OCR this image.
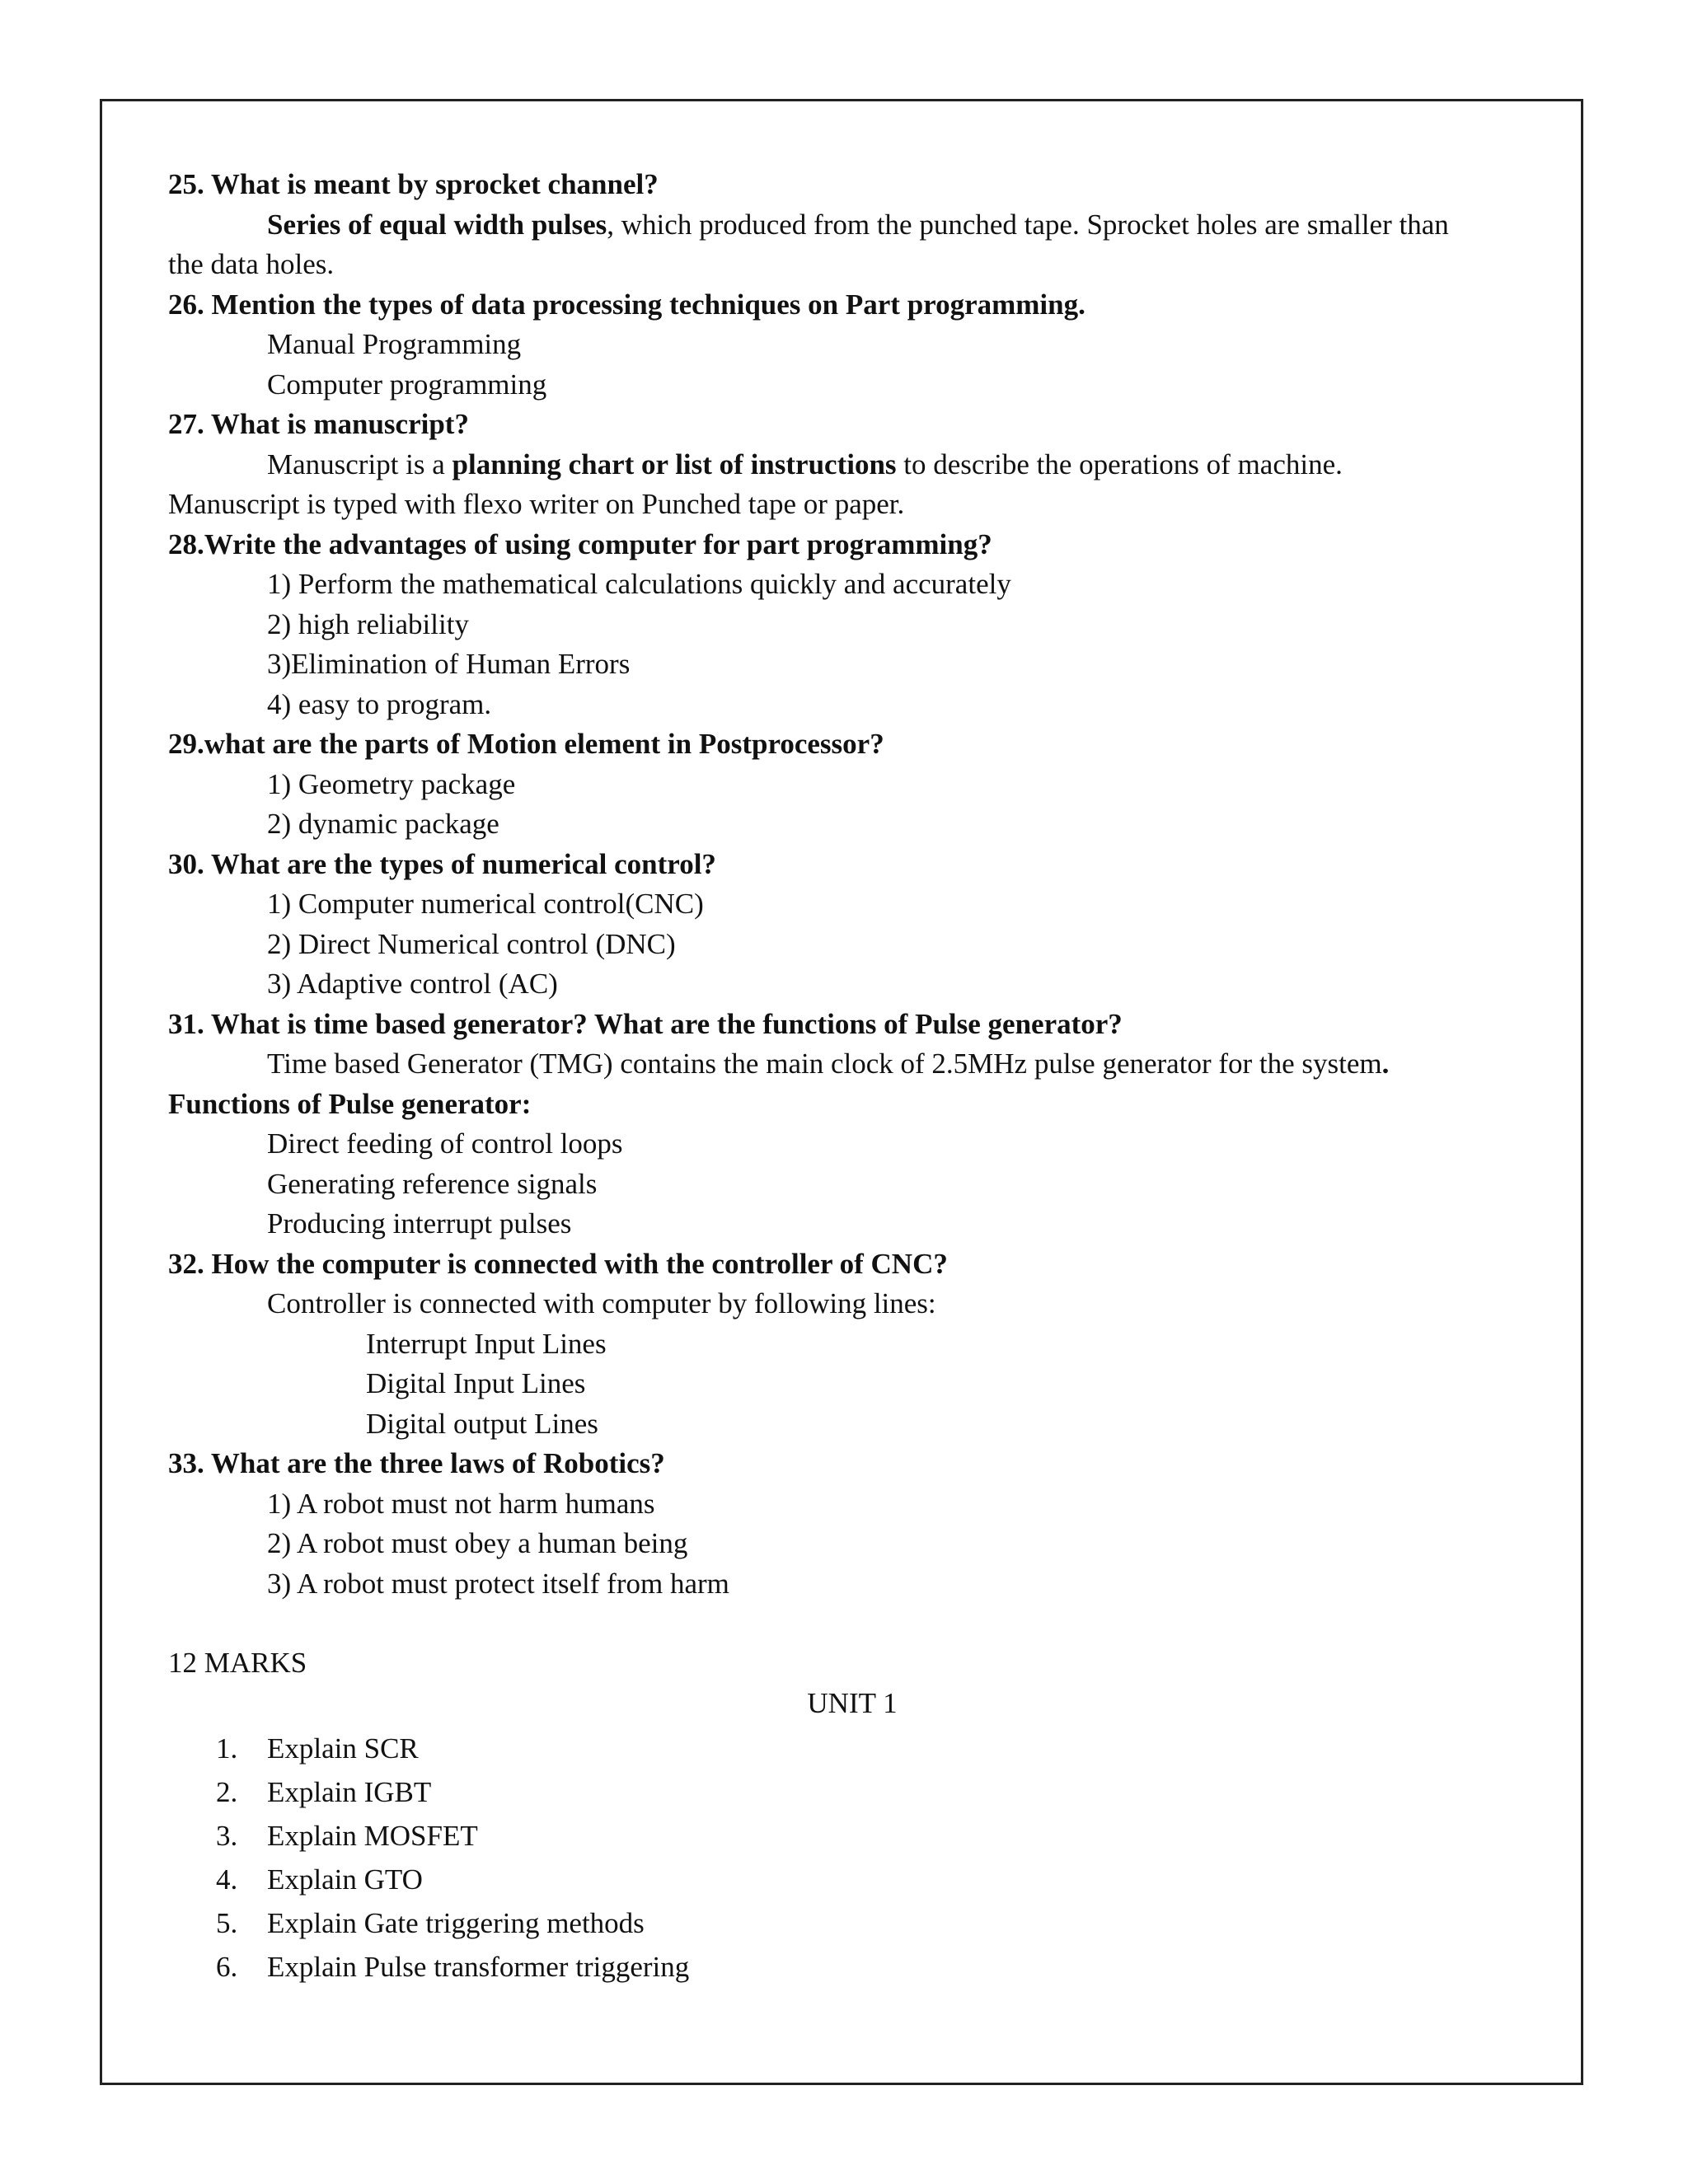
25. What is meant by sprocket channel?
Series of equal width pulses, which produced from the punched tape. Sprocket holes are smaller than
the data holes.
26. Mention the types of data processing techniques on Part programming.
Manual Programming
Computer programming
27. What is manuscript?
Manuscript is a planning chart or list of instructions to describe the operations of machine.
Manuscript is typed with flexo writer on Punched tape or paper.
28.Write the advantages of using computer for part programming?
1) Perform the mathematical calculations quickly and accurately
2) high reliability
3)Elimination of Human Errors
4) easy to program.
29.what are the parts of Motion element in Postprocessor?
1) Geometry package
2) dynamic package
30. What are the types of numerical control?
1) Computer numerical control(CNC)
2) Direct Numerical control (DNC)
3) Adaptive control (AC)
31. What is time based generator? What are the functions of Pulse generator?
Time based Generator (TMG) contains the main clock of 2.5MHz pulse generator for the system.
Functions of Pulse generator:
Direct feeding of control loops
Generating reference signals
Producing interrupt pulses
32. How the computer is connected with the controller of CNC?
Controller is connected with computer by following lines:
Interrupt Input Lines
Digital Input Lines
Digital output Lines
33. What are the three laws of Robotics?
1) A robot must not harm humans
2) A robot must obey a human being
3) A robot must protect itself from harm
12 MARKS
UNIT 1
1.	Explain SCR
2.	Explain IGBT
3.	Explain MOSFET
4.	Explain GTO
5.	Explain Gate triggering methods
6.	Explain Pulse transformer triggering
